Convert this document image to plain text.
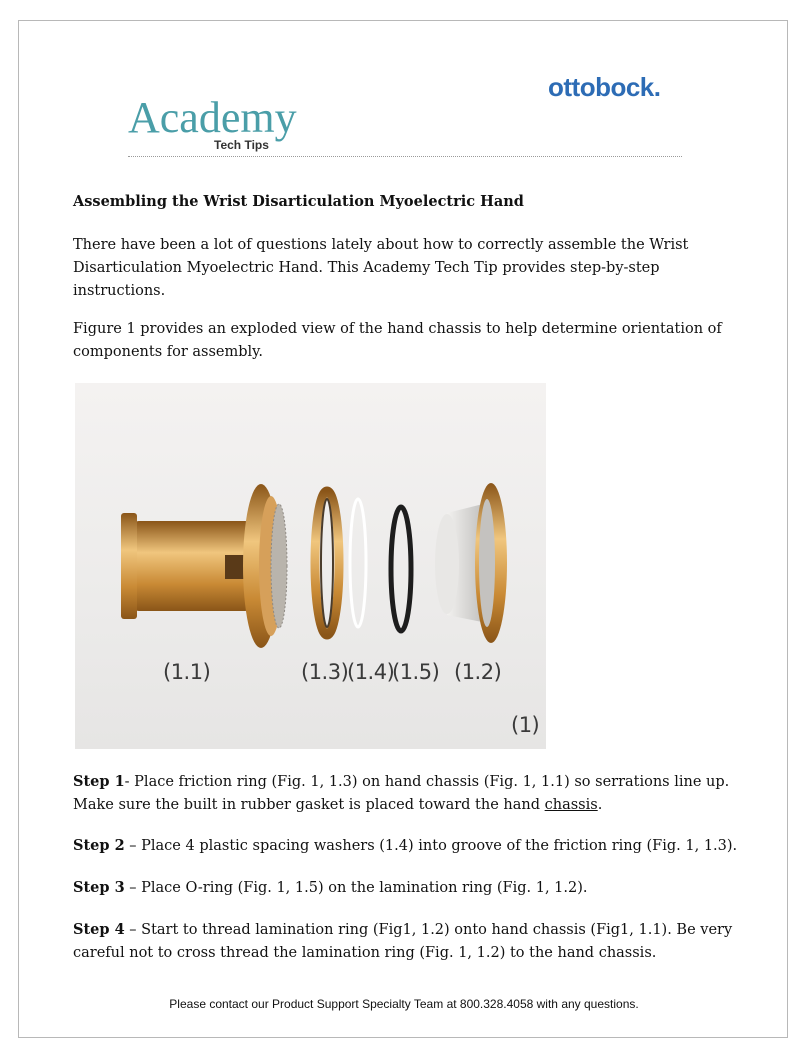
ottobock.
Academy
Tech Tips
Assembling the Wrist Disarticulation Myoelectric Hand

There have been a lot of questions lately about how to correctly assemble the Wrist

Disarticulation Myoelectric Hand. This Academy Tech Tip provides step-by-step instructions.

Figure 1 provides an exploded view of the hand chassis to help determine orientation of

components for assembly.

(1.1)	(1.3)
(1.4)
(1.5) (1.2)
(1)

Step 1- Place friction ring (Fig. 1, 1.3) on hand chassis (Fig. 1, 1.1) so serrations line up.

Make sure the built in rubber gasket is placed toward the hand chassis.

Step 2 – Place 4 plastic spacing washers (1.4) into groove of the friction ring (Fig. 1, 1.3).

Step 3 – Place O-ring (Fig. 1, 1.5) on the lamination ring (Fig. 1, 1.2).

Step 4 – Start to thread lamination ring (Fig1, 1.2) onto hand chassis (Fig1, 1.1). Be very

careful not to cross thread the lamination ring (Fig. 1, 1.2) to the hand chassis.

Please contact our Product Support Specialty Team at 800.328.4058 with any questions.
